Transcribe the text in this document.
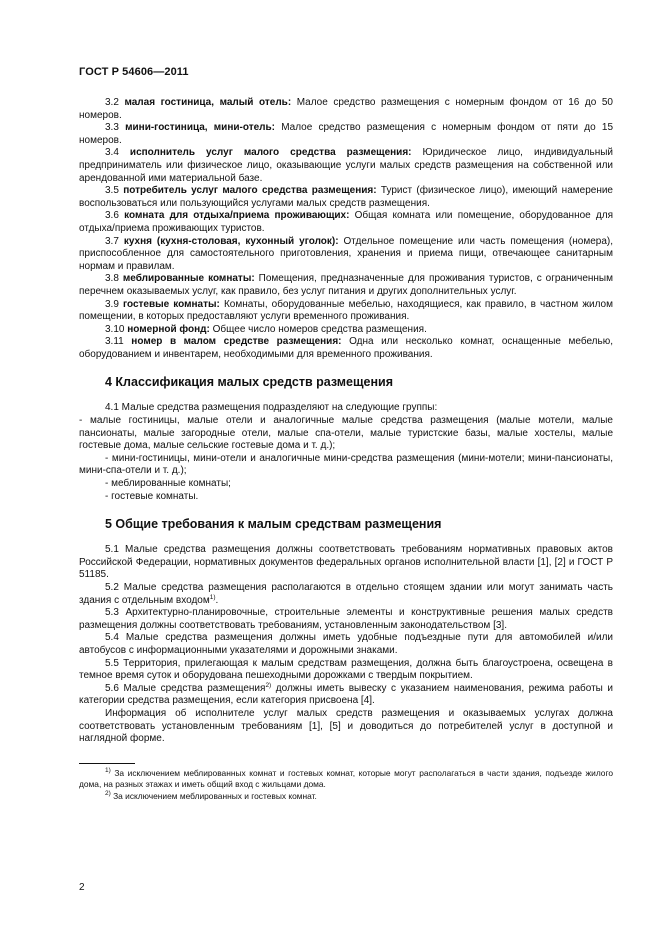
ГОСТ Р 54606—2011

3.2 малая гостиница, малый отель: Малое средство размещения с номерным фондом от 16 до 50 номеров.

3.3 мини-гостиница, мини-отель: Малое средство размещения с номерным фондом от пяти до 15 номеров.

3.4 исполнитель услуг малого средства размещения: Юридическое лицо, индивидуальный предприниматель или физическое лицо, оказывающие услуги малых средств размещения на собственной или арендованной ими материальной базе.

3.5 потребитель услуг малого средства размещения: Турист (физическое лицо), имеющий намерение воспользоваться или пользующийся услугами малых средств размещения.

3.6 комната для отдыха/приема проживающих: Общая комната или помещение, оборудованное для отдыха/приема проживающих туристов.

3.7 кухня (кухня-столовая, кухонный уголок): Отдельное помещение или часть помещения (номера), приспособленное для самостоятельного приготовления, хранения и приема пищи, отвечающее санитарным нормам и правилам.

3.8 меблированные комнаты: Помещения, предназначенные для проживания туристов, с ограниченным перечнем оказываемых услуг, как правило, без услуг питания и других дополнительных услуг.

3.9 гостевые комнаты: Комнаты, оборудованные мебелью, находящиеся, как правило, в частном жилом помещении, в которых предоставляют услуги временного проживания.

3.10 номерной фонд: Общее число номеров средства размещения.

3.11 номер в малом средстве размещения: Одна или несколько комнат, оснащенные мебелью, оборудованием и инвентарем, необходимыми для временного проживания.

4 Классификация малых средств размещения

4.1 Малые средства размещения подразделяют на следующие группы:

- малые гостиницы, малые отели и аналогичные малые средства размещения (малые мотели, малые пансионаты, малые загородные отели, малые спа-отели, малые туристские базы, малые хостелы, малые гостевые дома, малые сельские гостевые дома и т. д.);

- мини-гостиницы, мини-отели и аналогичные мини-средства размещения (мини-мотели; мини-пансионаты, мини-спа-отели и т. д.);

- меблированные комнаты;

- гостевые комнаты.

5 Общие требования к малым средствам размещения

5.1 Малые средства размещения должны соответствовать требованиям нормативных правовых актов Российской Федерации, нормативных документов федеральных органов исполнительной власти [1], [2] и ГОСТ Р 51185.

5.2 Малые средства размещения располагаются в отдельно стоящем здании или могут занимать часть здания с отдельным входом$^{1)}$.

5.3 Архитектурно-планировочные, строительные элементы и конструктивные решения малых средств размещения должны соответствовать требованиям, установленным законодательством [3].

5.4 Малые средства размещения должны иметь удобные подъездные пути для автомобилей и/или автобусов с информационными указателями и дорожными знаками.

5.5 Территория, прилегающая к малым средствам размещения, должна быть благоустроена, освещена в темное время суток и оборудована пешеходными дорожками с твердым покрытием.

5.6 Малые средства размещения$^{2)}$ должны иметь вывеску с указанием наименования, режима работы и категории средства размещения, если категория присвоена [4].

Информация об исполнителе услуг малых средств размещения и оказываемых услугах должна соответствовать установленным требованиям [1], [5] и доводиться до потребителей услуг в доступной и наглядной форме.

$^{1)}$ За исключением меблированных комнат и гостевых комнат, которые могут располагаться в части здания, подъезде жилого дома, на разных этажах и иметь общий вход с жильцами дома.

$^{2)}$ За исключением меблированных и гостевых комнат.

2
